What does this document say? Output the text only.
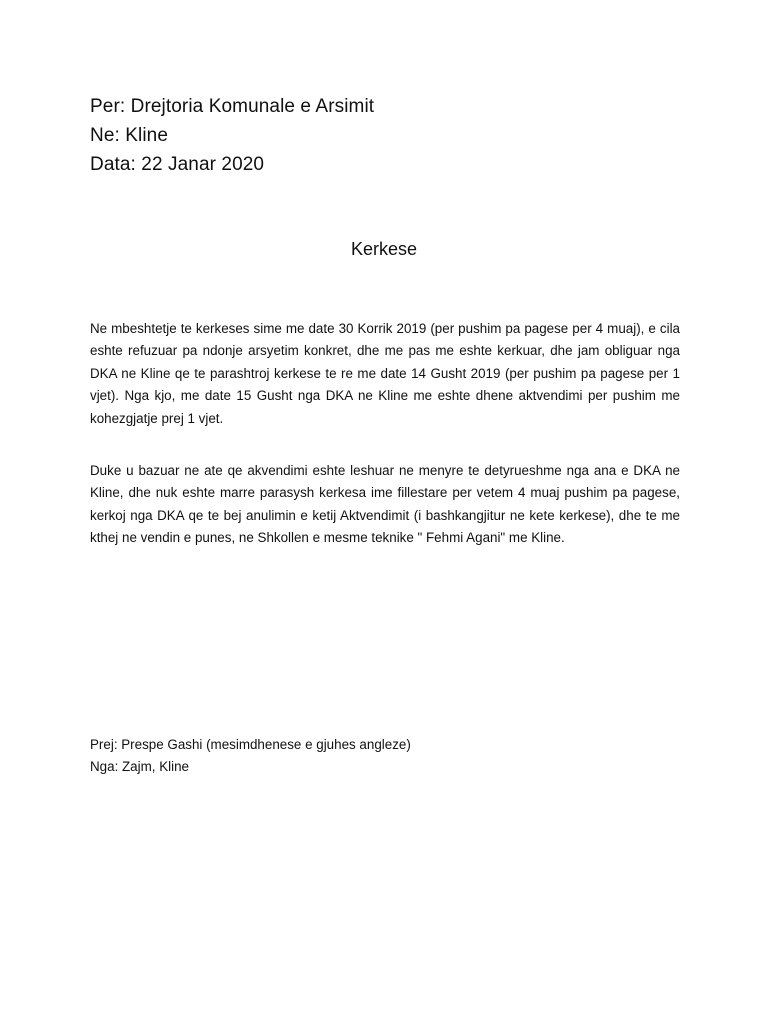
Per: Drejtoria Komunale e Arsimit
Ne: Kline
Data: 22 Janar 2020
Kerkese

Ne mbeshtetje te kerkeses sime me date 30 Korrik 2019 (per pushim pa pagese per 4 muaj), e cila eshte refuzuar pa ndonje arsyetim konkret, dhe me pas me eshte kerkuar, dhe jam obliguar nga DKA ne Kline qe te parashtroj kerkese te re me date 14 Gusht 2019 (per pushim pa pagese per 1 vjet). Nga kjo, me date 15 Gusht nga DKA ne Kline me eshte dhene aktvendimi per pushim me kohezgjatje prej 1 vjet.

Duke u bazuar ne ate qe akvendimi eshte leshuar ne menyre te detyrueshme nga ana e DKA ne Kline, dhe nuk eshte marre parasysh kerkesa ime fillestare per vetem 4 muaj pushim pa pagese, kerkoj nga DKA qe te bej anulimin e ketij Aktvendimit (i bashkangjitur ne kete kerkese), dhe te me kthej ne vendin e punes, ne Shkollen e mesme teknike " Fehmi Agani" me Kline.

Prej: Prespe Gashi (mesimdhenese e gjuhes angleze)
Nga: Zajm, Kline
